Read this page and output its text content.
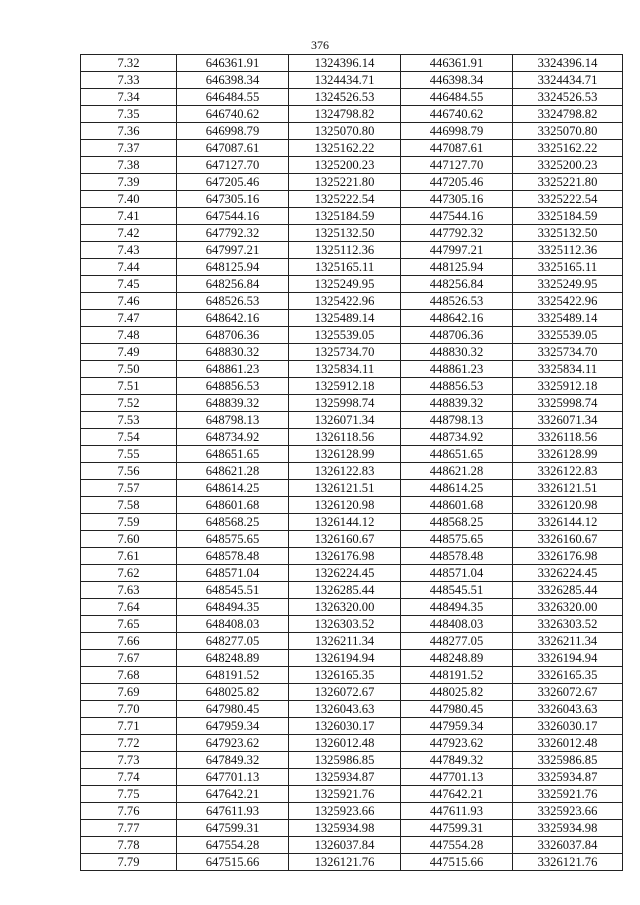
376
7.32	646361.91	1324396.14	446361.91	3324396.14
7.33	646398.34	1324434.71	446398.34	3324434.71
7.34	646484.55	1324526.53	446484.55	3324526.53
7.35	646740.62	1324798.82	446740.62	3324798.82
7.36	646998.79	1325070.80	446998.79	3325070.80
7.37	647087.61	1325162.22	447087.61	3325162.22
7.38	647127.70	1325200.23	447127.70	3325200.23
7.39	647205.46	1325221.80	447205.46	3325221.80
7.40	647305.16	1325222.54	447305.16	3325222.54
7.41	647544.16	1325184.59	447544.16	3325184.59
7.42	647792.32	1325132.50	447792.32	3325132.50
7.43	647997.21	1325112.36	447997.21	3325112.36
7.44	648125.94	1325165.11	448125.94	3325165.11
7.45	648256.84	1325249.95	448256.84	3325249.95
7.46	648526.53	1325422.96	448526.53	3325422.96
7.47	648642.16	1325489.14	448642.16	3325489.14
7.48	648706.36	1325539.05	448706.36	3325539.05
7.49	648830.32	1325734.70	448830.32	3325734.70
7.50	648861.23	1325834.11	448861.23	3325834.11
7.51	648856.53	1325912.18	448856.53	3325912.18
7.52	648839.32	1325998.74	448839.32	3325998.74
7.53	648798.13	1326071.34	448798.13	3326071.34
7.54	648734.92	1326118.56	448734.92	3326118.56
7.55	648651.65	1326128.99	448651.65	3326128.99
7.56	648621.28	1326122.83	448621.28	3326122.83
7.57	648614.25	1326121.51	448614.25	3326121.51
7.58	648601.68	1326120.98	448601.68	3326120.98
7.59	648568.25	1326144.12	448568.25	3326144.12
7.60	648575.65	1326160.67	448575.65	3326160.67
7.61	648578.48	1326176.98	448578.48	3326176.98
7.62	648571.04	1326224.45	448571.04	3326224.45
7.63	648545.51	1326285.44	448545.51	3326285.44
7.64	648494.35	1326320.00	448494.35	3326320.00
7.65	648408.03	1326303.52	448408.03	3326303.52
7.66	648277.05	1326211.34	448277.05	3326211.34
7.67	648248.89	1326194.94	448248.89	3326194.94
7.68	648191.52	1326165.35	448191.52	3326165.35
7.69	648025.82	1326072.67	448025.82	3326072.67
7.70	647980.45	1326043.63	447980.45	3326043.63
7.71	647959.34	1326030.17	447959.34	3326030.17
7.72	647923.62	1326012.48	447923.62	3326012.48
7.73	647849.32	1325986.85	447849.32	3325986.85
7.74	647701.13	1325934.87	447701.13	3325934.87
7.75	647642.21	1325921.76	447642.21	3325921.76
7.76	647611.93	1325923.66	447611.93	3325923.66
7.77	647599.31	1325934.98	447599.31	3325934.98
7.78	647554.28	1326037.84	447554.28	3326037.84
7.79	647515.66	1326121.76	447515.66	3326121.76
